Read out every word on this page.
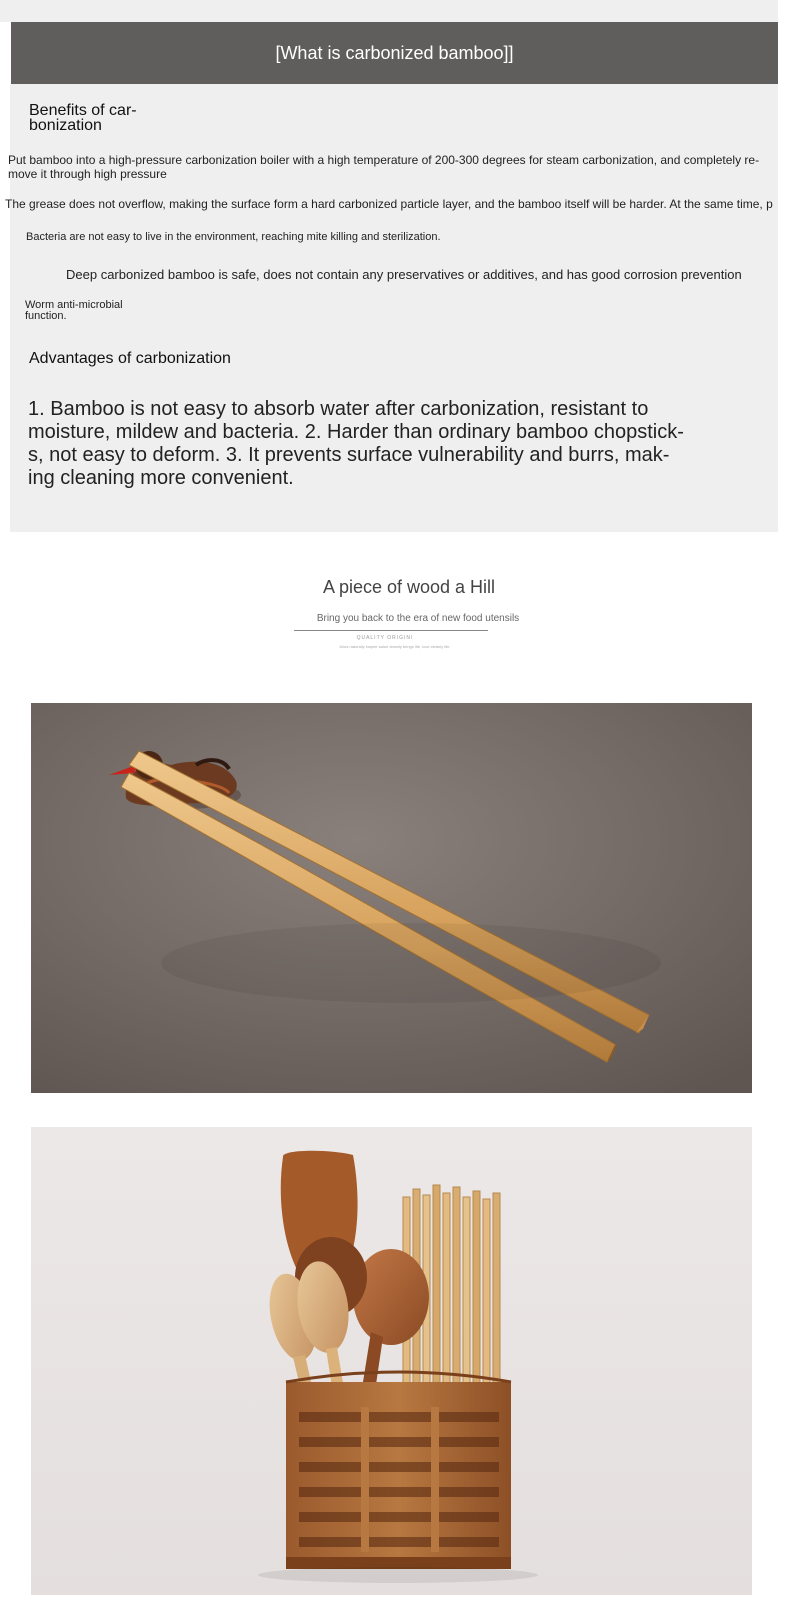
[What is carbonized bamboo]]
Benefits of car- bonization

Put bamboo into a high-pressure carbonization boiler with a high temperature of 200-300 degrees for steam carbonization, and completely re- move it through high pressure

The grease does not overflow, making the surface form a hard carbonized particle layer, and the bamboo itself will be harder. At the same time, p

Bacteria are not easy to live in the environment, reaching mite killing and sterilization.

Deep carbonized bamboo is safe, does not contain any preservatives or additives, and has good corrosion prevention

Worm anti-microbial function.

Advantages of carbonization

1. Bamboo is not easy to absorb water after carbonization, resistant to moisture, mildew and bacteria. 2. Harder than ordinary bamboo chopstick- s, not easy to deform. 3. It prevents surface vulnerability and burrs, mak- ing cleaning more convenient.

A piece of wood a Hill
Bring you back to the era of new food utensils
QUALITY ORIGINI
Mors naturally inspire saloe cleanly brings life, love cleanly life.
